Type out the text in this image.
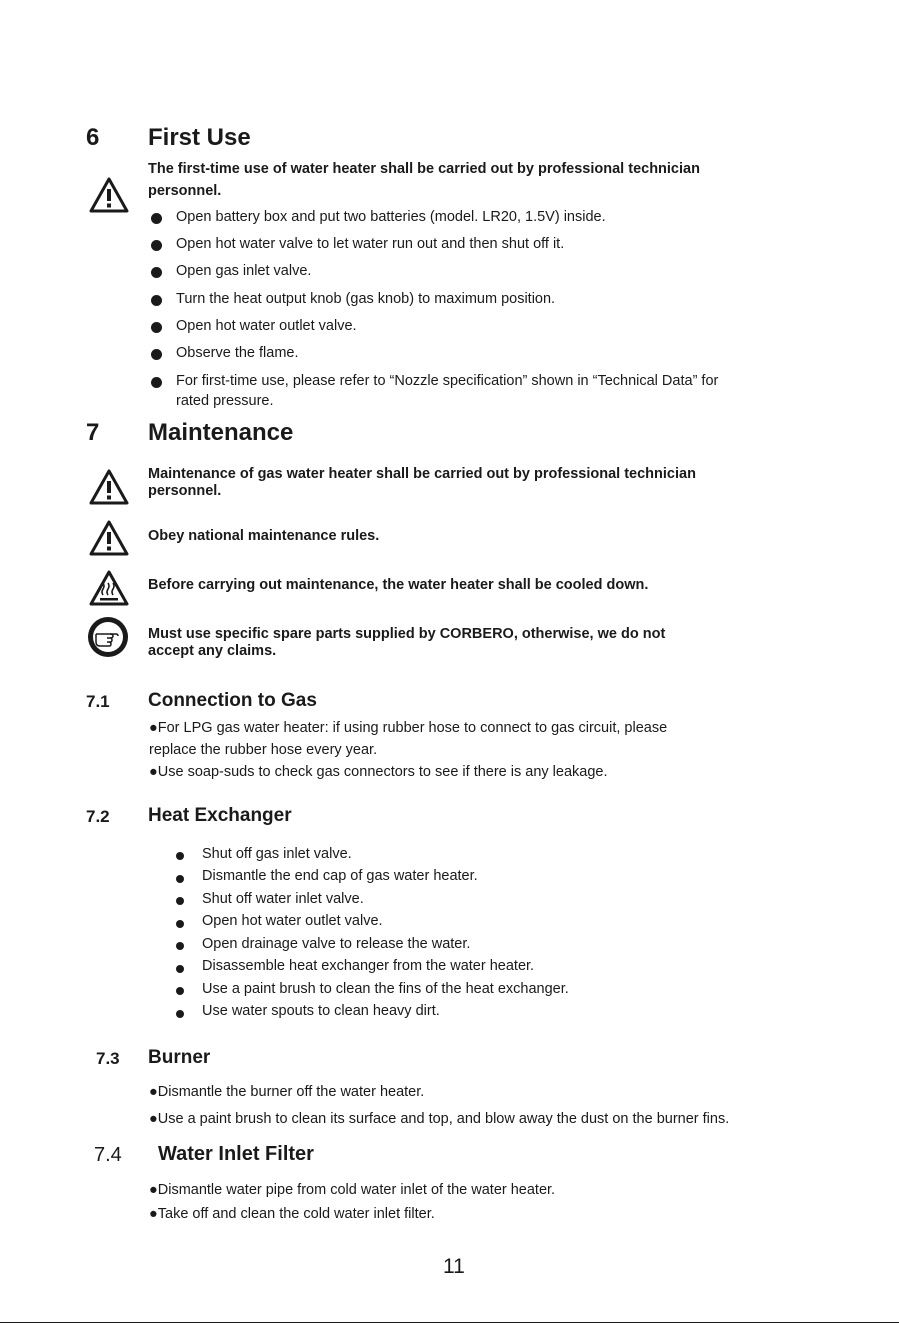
6 First Use
The first-time use of water heater shall be carried out by professional technician
personnel.
Open battery box and put two batteries (model. LR20, 1.5V) inside.
Open hot water valve to let water run out and then shut off it.
Open gas inlet valve.
Turn the heat output knob (gas knob) to maximum position.
Open hot water outlet valve.
Observe the flame.
For first-time use, please refer to “Nozzle specification” shown in “Technical Data” for
rated pressure.
7 Maintenance
Maintenance of gas water heater shall be carried out by professional technician
personnel.
Obey national maintenance rules.
Before carrying out maintenance, the water heater shall be cooled down.
Must use specific spare parts supplied by CORBERO, otherwise, we do not
accept any claims.
7.1 Connection to Gas
●For LPG gas water heater: if using rubber hose to connect to gas circuit, please
replace the rubber hose every year.
●Use soap-suds to check gas connectors to see if there is any leakage.
7.2 Heat Exchanger
Shut off gas inlet valve.
Dismantle the end cap of gas water heater.
Shut off water inlet valve.
Open hot water outlet valve.
Open drainage valve to release the water.
Disassemble heat exchanger from the water heater.
Use a paint brush to clean the fins of the heat exchanger.
Use water spouts to clean heavy dirt.
7.3 Burner
●Dismantle the burner off the water heater.
●Use a paint brush to clean its surface and top, and blow away the dust on the burner fins.
7.4 Water Inlet Filter
●Dismantle water pipe from cold water inlet of the water heater.
●Take off and clean the cold water inlet filter.
11
